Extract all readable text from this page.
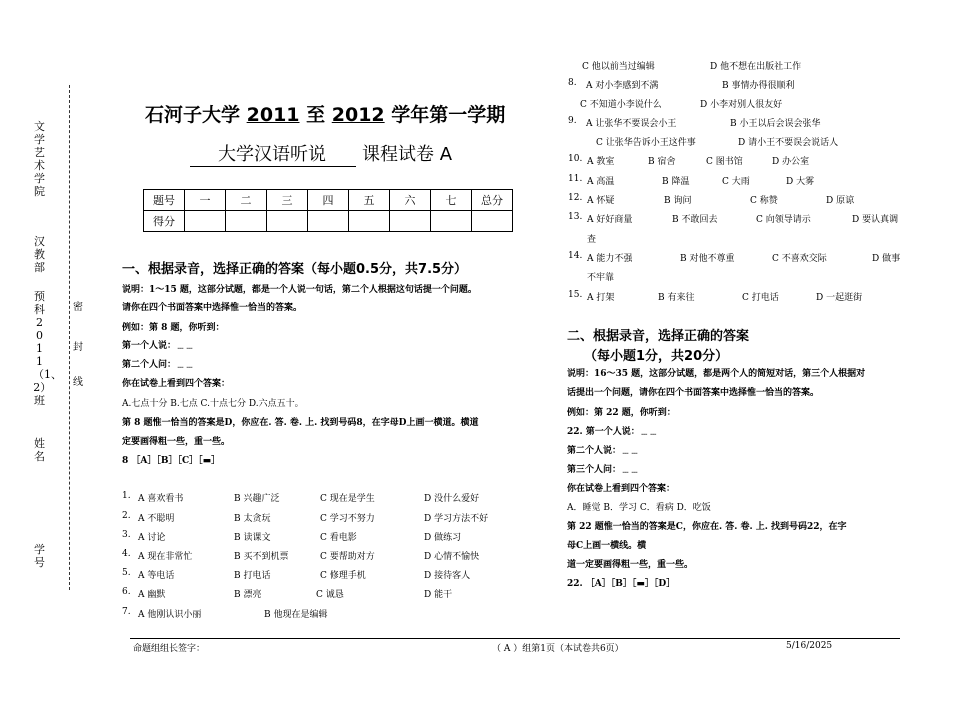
文学艺术学院
汉教部
预科2011（1、2）班
姓名
学号
密
封
线
石河子大学 2011 至 2012 学年第一学期
大学汉语听说 课程试卷 A
题号	一	二	三	四	五	六	七	总分
得分								
一、根据录音，选择正确的答案（每小题0.5分，共7.5分）
说明：1～15 题，这部分试题，都是一个人说一句话，第二个人根据这句话提一个问题。
请你在四个书面答案中选择惟一恰当的答案。
例如：第 8 题，你听到：
第一个人说：﹍﹍
第二个人问：﹍﹍
你在试卷上看到四个答案：
A.七点十分 B.七点 C.十点七分 D.六点五十。
第 8 题惟一恰当的答案是D，你应在. 答. 卷. 上. 找到号码8，在字母D上画一横道。横道
定要画得粗一些，重一些。
8 ［A］［B］［C］［▬］
1. A 喜欢看书	B 兴趣广泛	C 现在是学生	D 没什么爱好
2. A 不聪明	B 太贪玩	C 学习不努力	D 学习方法不好
3. A 讨论	B 读课文	C 看电影	D 做练习
4. A 现在非常忙	B 买不到机票	C 要帮助对方	D 心情不愉快
5. A 等电话	B 打电话	C 修理手机	D 接待客人
6. A 幽默	B 漂亮	C 诚恳	D 能干
7. A 他刚认识小丽	B 他现在是编辑
C 他以前当过编辑	D 他不想在出版社工作
8. A 对小李感到不满	B 事情办得很顺利
C 不知道小李说什么	D 小李对别人很友好
9. A 让张华不要误会小王	B 小王以后会误会张华
C 让张华告诉小王这件事	D 请小王不要误会说话人
10. A 教室	B 宿舍	C 图书馆	D 办公室
11. A 高温	B 降温	C 大雨	D 大雾
12. A 怀疑	B 询问	C 称赞	D 原谅
13. A 好好商量	B 不敢回去	C 向领导请示	D 要认真调
查
14. A 能力不强	B 对他不尊重	C 不喜欢交际	D 做事
不牢靠
15. A 打架	B 有来往	C 打电话	D 一起逛街
二、根据录音，选择正确的答案
（每小题1分，共20分）
说明：16～35 题，这部分试题，都是两个人的简短对话，第三个人根据对
话提出一个问题，请你在四个书面答案中选择惟一恰当的答案。
例如：第 22 题，你听到：
22. 第一个人说：﹍﹍
第二个人说：﹍﹍
第三个人问：﹍﹍
你在试卷上看到四个答案：
A．睡觉 B．学习 C．看病 D．吃饭
第 22 题惟一恰当的答案是C，你应在. 答. 卷. 上. 找到号码22，在字
母C上画一横线。横
道一定要画得粗一些，重一些。
22. ［A］［B］［▬］［D］
命题组组长签字：	（ A ）组第1页（本试卷共6页）	5/16/2025
